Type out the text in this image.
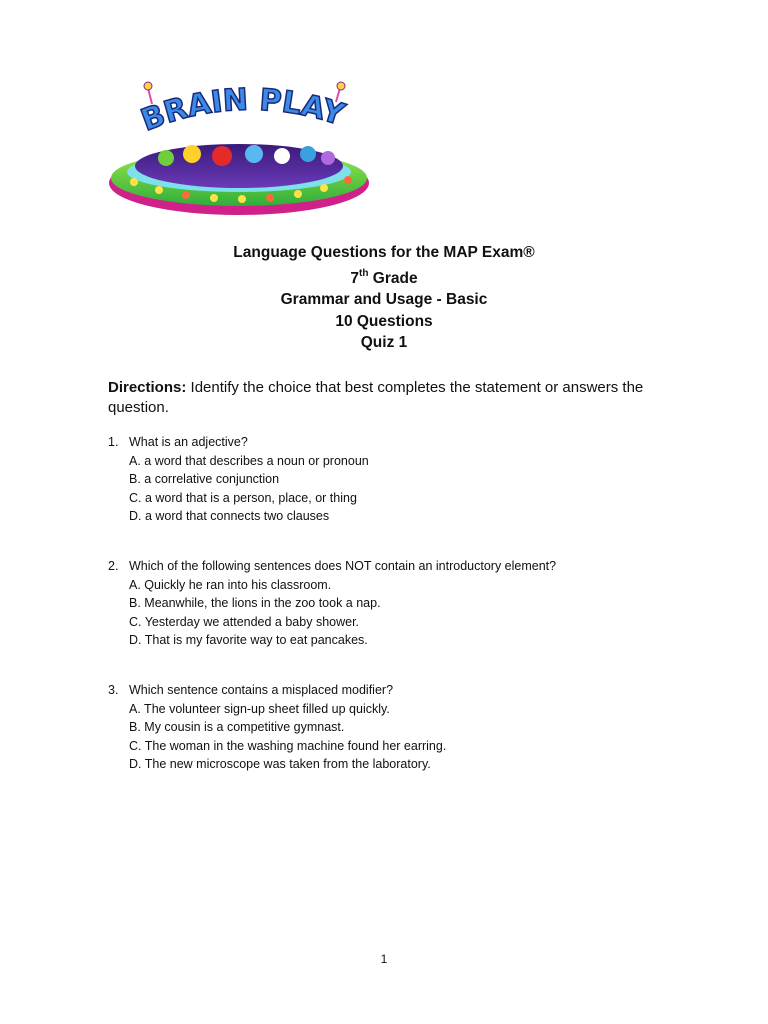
BRAIN PLAY
Language Questions for the MAP Exam®
7th Grade
Grammar and Usage - Basic
10 Questions
Quiz 1
Directions: Identify the choice that best completes the statement or answers the question.
1. What is an adjective?
A. a word that describes a noun or pronoun
B. a correlative conjunction
C. a word that is a person, place, or thing
D. a word that connects two clauses
2. Which of the following sentences does NOT contain an introductory element?
A. Quickly he ran into his classroom.
B. Meanwhile, the lions in the zoo took a nap.
C. Yesterday we attended a baby shower.
D. That is my favorite way to eat pancakes.
3. Which sentence contains a misplaced modifier?
A. The volunteer sign-up sheet filled up quickly.
B. My cousin is a competitive gymnast.
C. The woman in the washing machine found her earring.
D. The new microscope was taken from the laboratory.
1
